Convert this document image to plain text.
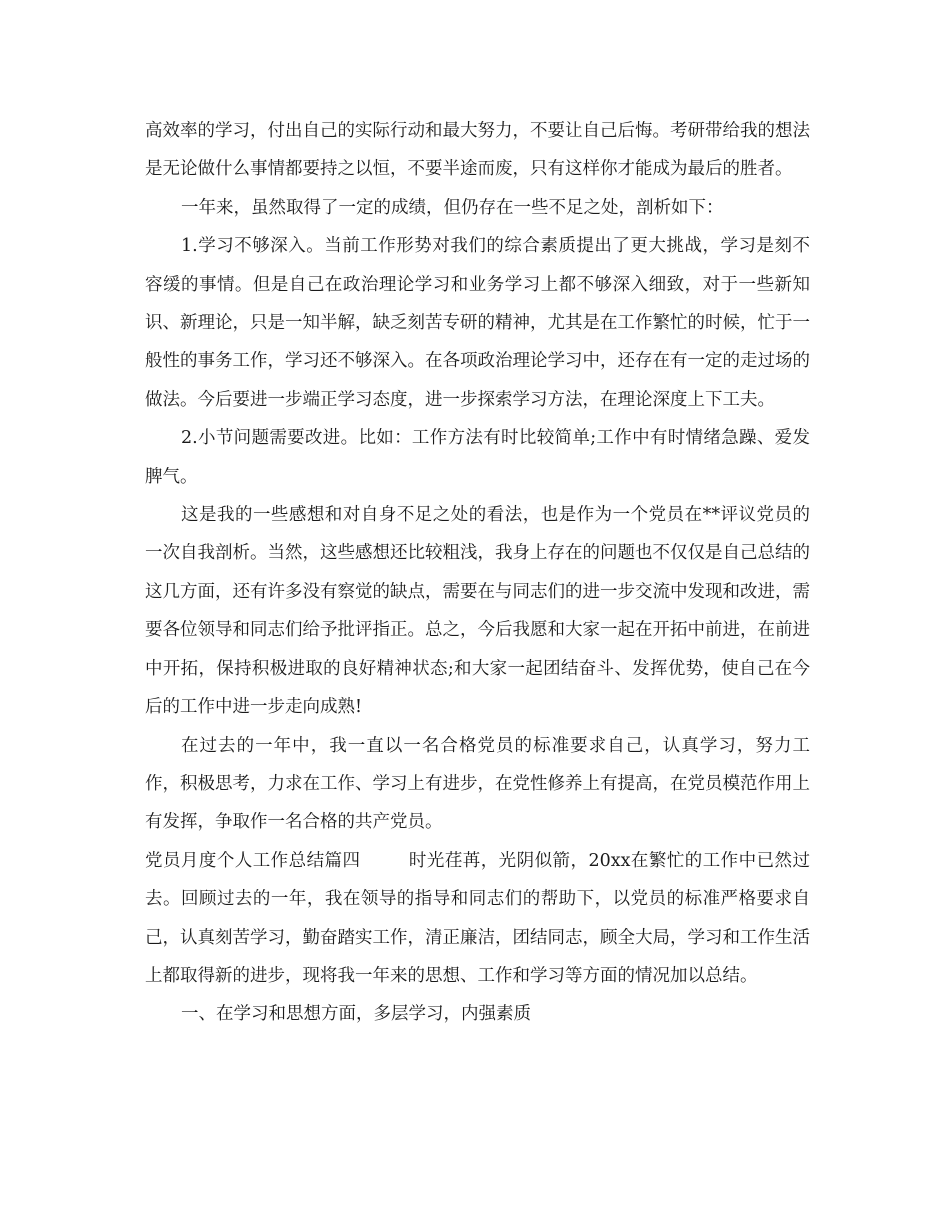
高效率的学习，付出自己的实际行动和最大努力，不要让自己后悔。考研带给我的想法是无论做什么事情都要持之以恒，不要半途而废，只有这样你才能成为最后的胜者。

一年来，虽然取得了一定的成绩，但仍存在一些不足之处，剖析如下：

1.学习不够深入。当前工作形势对我们的综合素质提出了更大挑战，学习是刻不容缓的事情。但是自己在政治理论学习和业务学习上都不够深入细致，对于一些新知识、新理论，只是一知半解，缺乏刻苦专研的精神，尤其是在工作繁忙的时候，忙于一般性的事务工作，学习还不够深入。在各项政治理论学习中，还存在有一定的走过场的做法。今后要进一步端正学习态度，进一步探索学习方法，在理论深度上下工夫。

2.小节问题需要改进。比如：工作方法有时比较简单;工作中有时情绪急躁、爱发脾气。

这是我的一些感想和对自身不足之处的看法，也是作为一个党员在**评议党员的一次自我剖析。当然，这些感想还比较粗浅，我身上存在的问题也不仅仅是自己总结的这几方面，还有许多没有察觉的缺点，需要在与同志们的进一步交流中发现和改进，需要各位领导和同志们给予批评指正。总之，今后我愿和大家一起在开拓中前进，在前进中开拓，保持积极进取的良好精神状态;和大家一起团结奋斗、发挥优势，使自己在今后的工作中进一步走向成熟!

在过去的一年中，我一直以一名合格党员的标准要求自己，认真学习，努力工作，积极思考，力求在工作、学习上有进步，在党性修养上有提高，在党员模范作用上有发挥，争取作一名合格的共产党员。

党员月度个人工作总结篇四	时光荏苒，光阴似箭，20xx在繁忙的工作中已然过去。回顾过去的一年，我在领导的指导和同志们的帮助下，以党员的标准严格要求自己，认真刻苦学习，勤奋踏实工作，清正廉洁，团结同志，顾全大局，学习和工作生活上都取得新的进步，现将我一年来的思想、工作和学习等方面的情况加以总结。

一、在学习和思想方面，多层学习，内强素质
